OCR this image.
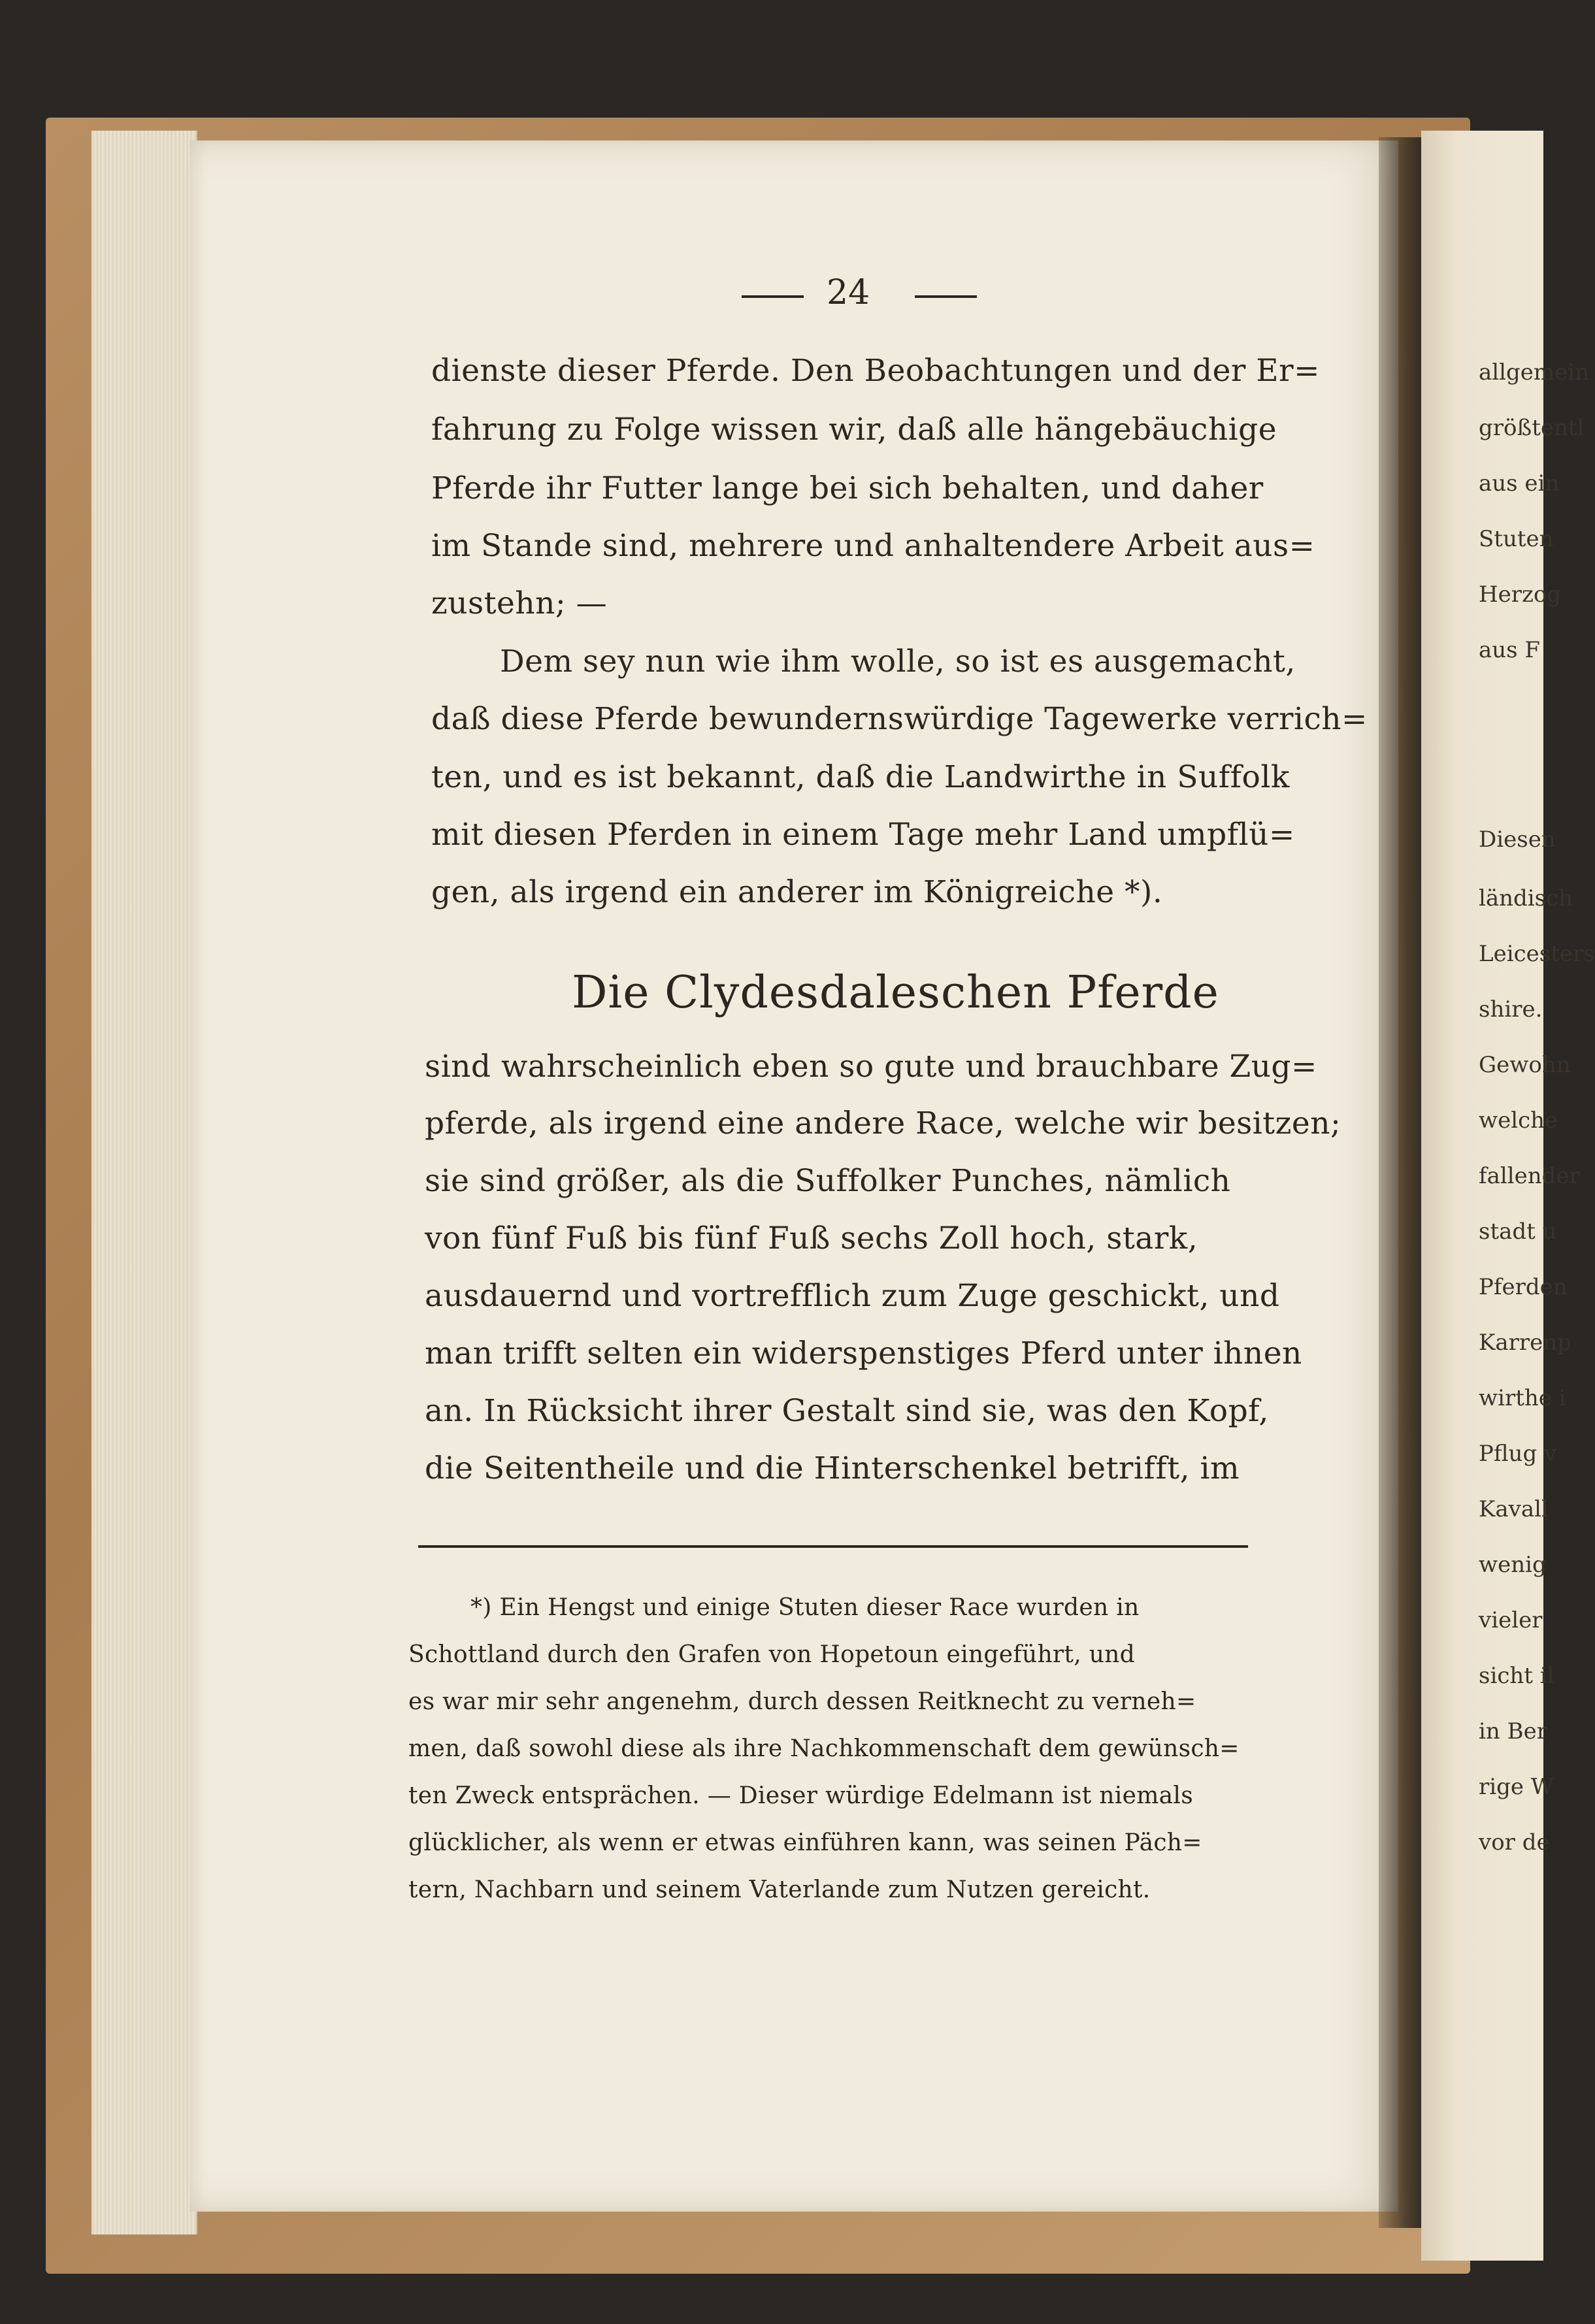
allgemein
größtentl
aus ein
Stuten
Herzog
aus F
Diesen
ländisch
Leicesters
shire.
Gewohn
welche
fallender
stadt u
Pferden
Karrenp
wirthe i
Pflug v
Kavall
wenig
vieler
sicht il
in Ber
rige W
vor de
24
dienste dieser Pferde. Den Beobachtungen und der Er=
fahrung zu Folge wissen wir, daß alle hängebäuchige
Pferde ihr Futter lange bei sich behalten, und daher
im Stande sind, mehrere und anhaltendere Arbeit aus=
zustehn; —
Dem sey nun wie ihm wolle, so ist es ausgemacht,
daß diese Pferde bewundernswürdige Tagewerke verrich=
ten, und es ist bekannt, daß die Landwirthe in Suffolk
mit diesen Pferden in einem Tage mehr Land umpflü=
gen, als irgend ein anderer im Königreiche *).
Die Clydesdaleschen Pferde
sind wahrscheinlich eben so gute und brauchbare Zug=
pferde, als irgend eine andere Race, welche wir besitzen;
sie sind größer, als die Suffolker Punches, nämlich
von fünf Fuß bis fünf Fuß sechs Zoll hoch, stark,
ausdauernd und vortrefflich zum Zuge geschickt, und
man trifft selten ein widerspenstiges Pferd unter ihnen
an. In Rücksicht ihrer Gestalt sind sie, was den Kopf,
die Seitentheile und die Hinterschenkel betrifft, im
*) Ein Hengst und einige Stuten dieser Race wurden in
Schottland durch den Grafen von Hopetoun eingeführt, und
es war mir sehr angenehm, durch dessen Reitknecht zu verneh=
men, daß sowohl diese als ihre Nachkommenschaft dem gewünsch=
ten Zweck entsprächen. — Dieser würdige Edelmann ist niemals
glücklicher, als wenn er etwas einführen kann, was seinen Päch=
tern, Nachbarn und seinem Vaterlande zum Nutzen gereicht.
